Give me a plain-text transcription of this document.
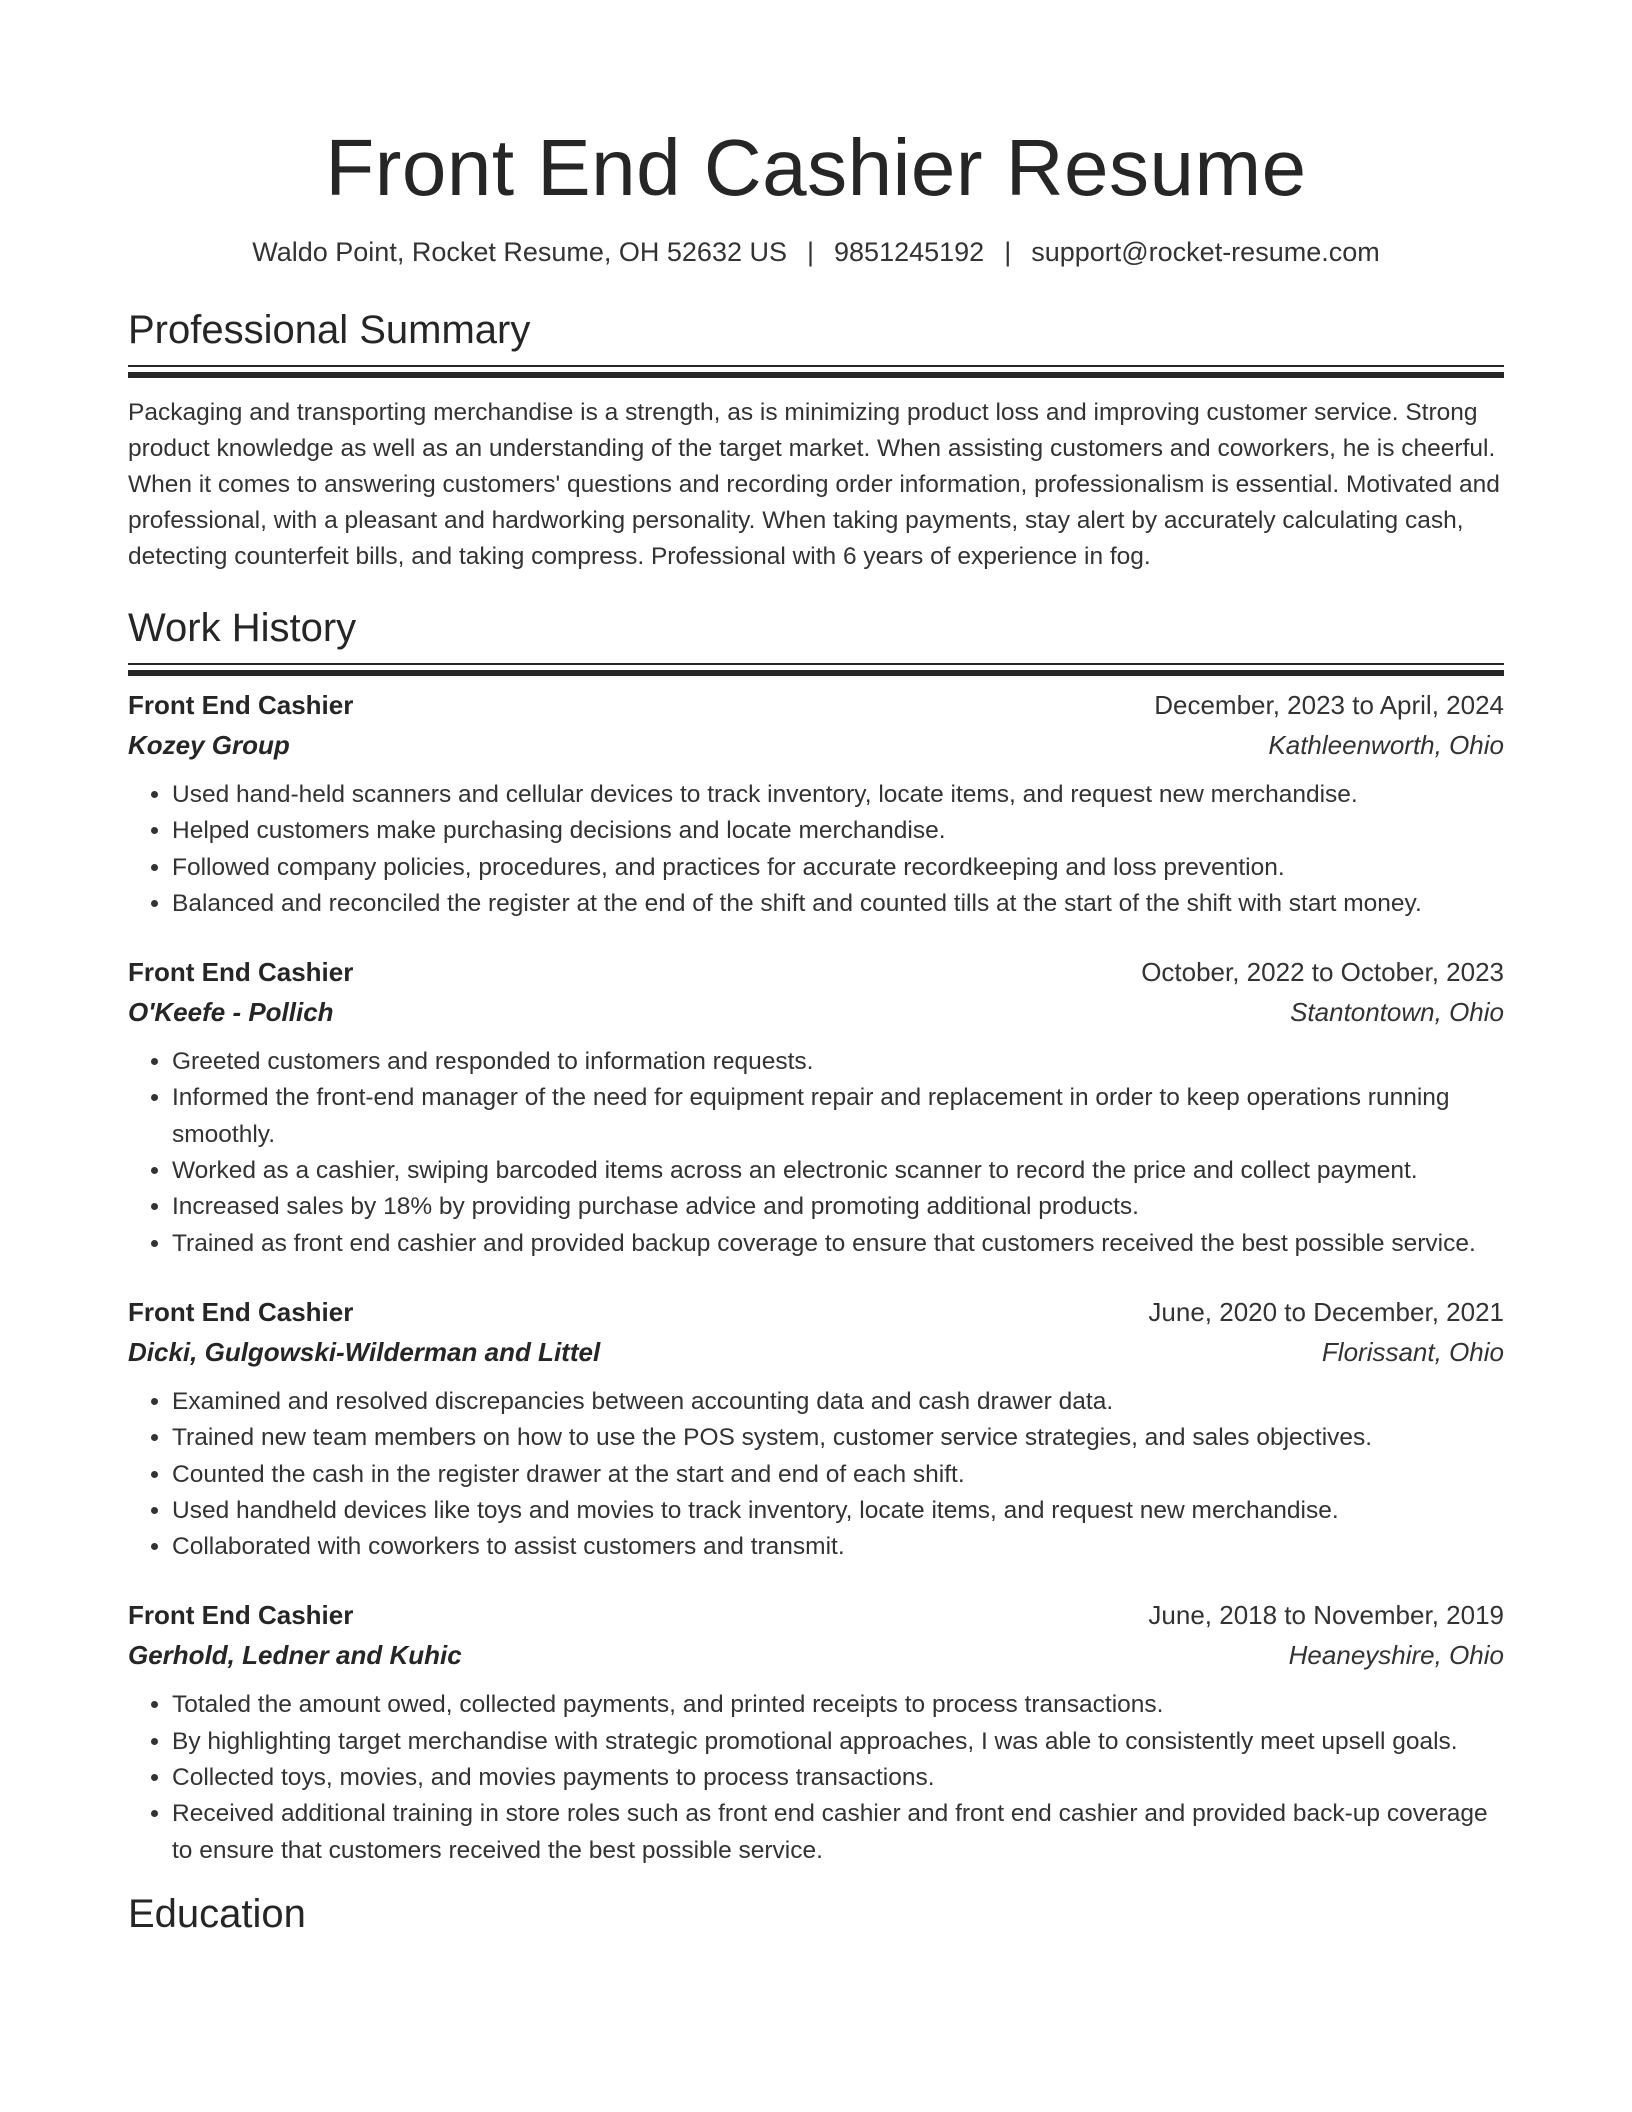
Front End Cashier Resume
Waldo Point, Rocket Resume, OH 52632 US | 9851245192 | support@rocket-resume.com
Professional Summary

Packaging and transporting merchandise is a strength, as is minimizing product loss and improving customer service. Strong product knowledge as well as an understanding of the target market. When assisting customers and coworkers, he is cheerful. When it comes to answering customers' questions and recording order information, professionalism is essential. Motivated and professional, with a pleasant and hardworking personality. When taking payments, stay alert by accurately calculating cash, detecting counterfeit bills, and taking compress. Professional with 6 years of experience in fog.

Work History
Front End Cashier	December, 2023 to April, 2024
Kozey Group	Kathleenworth, Ohio
• Used hand-held scanners and cellular devices to track inventory, locate items, and request new merchandise.
• Helped customers make purchasing decisions and locate merchandise.
• Followed company policies, procedures, and practices for accurate recordkeeping and loss prevention.
• Balanced and reconciled the register at the end of the shift and counted tills at the start of the shift with start money.
Front End Cashier	October, 2022 to October, 2023
O'Keefe - Pollich	Stantontown, Ohio
• Greeted customers and responded to information requests.
• Informed the front-end manager of the need for equipment repair and replacement in order to keep operations running smoothly.
• Worked as a cashier, swiping barcoded items across an electronic scanner to record the price and collect payment.
• Increased sales by 18% by providing purchase advice and promoting additional products.
• Trained as front end cashier and provided backup coverage to ensure that customers received the best possible service.
Front End Cashier	June, 2020 to December, 2021
Dicki, Gulgowski-Wilderman and Littel	Florissant, Ohio
• Examined and resolved discrepancies between accounting data and cash drawer data.
• Trained new team members on how to use the POS system, customer service strategies, and sales objectives.
• Counted the cash in the register drawer at the start and end of each shift.
• Used handheld devices like toys and movies to track inventory, locate items, and request new merchandise.
• Collaborated with coworkers to assist customers and transmit.
Front End Cashier	June, 2018 to November, 2019
Gerhold, Ledner and Kuhic	Heaneyshire, Ohio
• Totaled the amount owed, collected payments, and printed receipts to process transactions.
• By highlighting target merchandise with strategic promotional approaches, I was able to consistently meet upsell goals.
• Collected toys, movies, and movies payments to process transactions.
• Received additional training in store roles such as front end cashier and front end cashier and provided back-up coverage to ensure that customers received the best possible service.
Education
